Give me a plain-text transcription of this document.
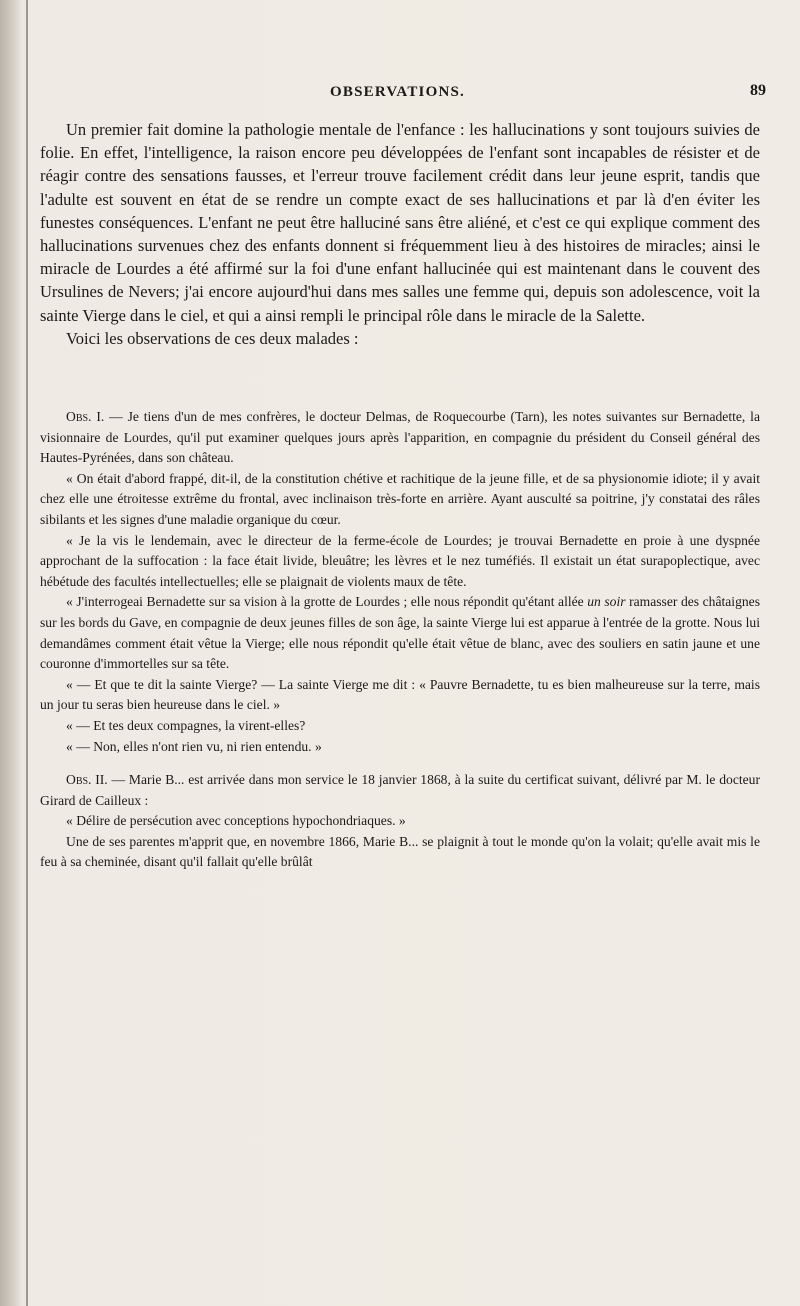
OBSERVATIONS.	89

Un premier fait domine la pathologie mentale de l'enfance : les hallucinations y sont toujours suivies de folie. En effet, l'intelligence, la raison encore peu développées de l'enfant sont incapables de résister et de réagir contre des sensations fausses, et l'erreur trouve facilement crédit dans leur jeune esprit, tandis que l'adulte est souvent en état de se rendre un compte exact de ses hallucinations et par là d'en éviter les funestes conséquences. L'enfant ne peut être halluciné sans être aliéné, et c'est ce qui explique comment des hallucinations survenues chez des enfants donnent si fréquemment lieu à des histoires de miracles; ainsi le miracle de Lourdes a été affirmé sur la foi d'une enfant hallucinée qui est maintenant dans le couvent des Ursulines de Nevers; j'ai encore aujourd'hui dans mes salles une femme qui, depuis son adolescence, voit la sainte Vierge dans le ciel, et qui a ainsi rempli le principal rôle dans le miracle de la Salette.

Voici les observations de ces deux malades :

Obs. I. — Je tiens d'un de mes confrères, le docteur Delmas, de Roquecourbe (Tarn), les notes suivantes sur Bernadette, la visionnaire de Lourdes, qu'il put examiner quelques jours après l'apparition, en compagnie du président du Conseil général des Hautes-Pyrénées, dans son château.

« On était d'abord frappé, dit-il, de la constitution chétive et rachitique de la jeune fille, et de sa physionomie idiote; il y avait chez elle une étroitesse extrême du frontal, avec inclinaison très-forte en arrière. Ayant ausculté sa poitrine, j'y constatai des râles sibilants et les signes d'une maladie organique du cœur.

« Je la vis le lendemain, avec le directeur de la ferme-école de Lourdes; je trouvai Bernadette en proie à une dyspnée approchant de la suffocation : la face était livide, bleuâtre; les lèvres et le nez tuméfiés. Il existait un état surapoplectique, avec hébétude des facultés intellectuelles; elle se plaignait de violents maux de tête.

« J'interrogeai Bernadette sur sa vision à la grotte de Lourdes ; elle nous répondit qu'étant allée un soir ramasser des châtaignes sur les bords du Gave, en compagnie de deux jeunes filles de son âge, la sainte Vierge lui est apparue à l'entrée de la grotte. Nous lui demandâmes comment était vêtue la Vierge; elle nous répondit qu'elle était vêtue de blanc, avec des souliers en satin jaune et une couronne d'immortelles sur sa tête.

« — Et que te dit la sainte Vierge? — La sainte Vierge me dit : « Pauvre Bernadette, tu es bien malheureuse sur la terre, mais un jour tu seras bien heureuse dans le ciel. »

« — Et tes deux compagnes, la virent-elles?

« — Non, elles n'ont rien vu, ni rien entendu. »

Obs. II. — Marie B... est arrivée dans mon service le 18 janvier 1868, à la suite du certificat suivant, délivré par M. le docteur Girard de Cailleux :

« Délire de persécution avec conceptions hypochondriaques. »

Une de ses parentes m'apprit que, en novembre 1866, Marie B... se plaignit à tout le monde qu'on la volait; qu'elle avait mis le feu à sa cheminée, disant qu'il fallait qu'elle brûlât
